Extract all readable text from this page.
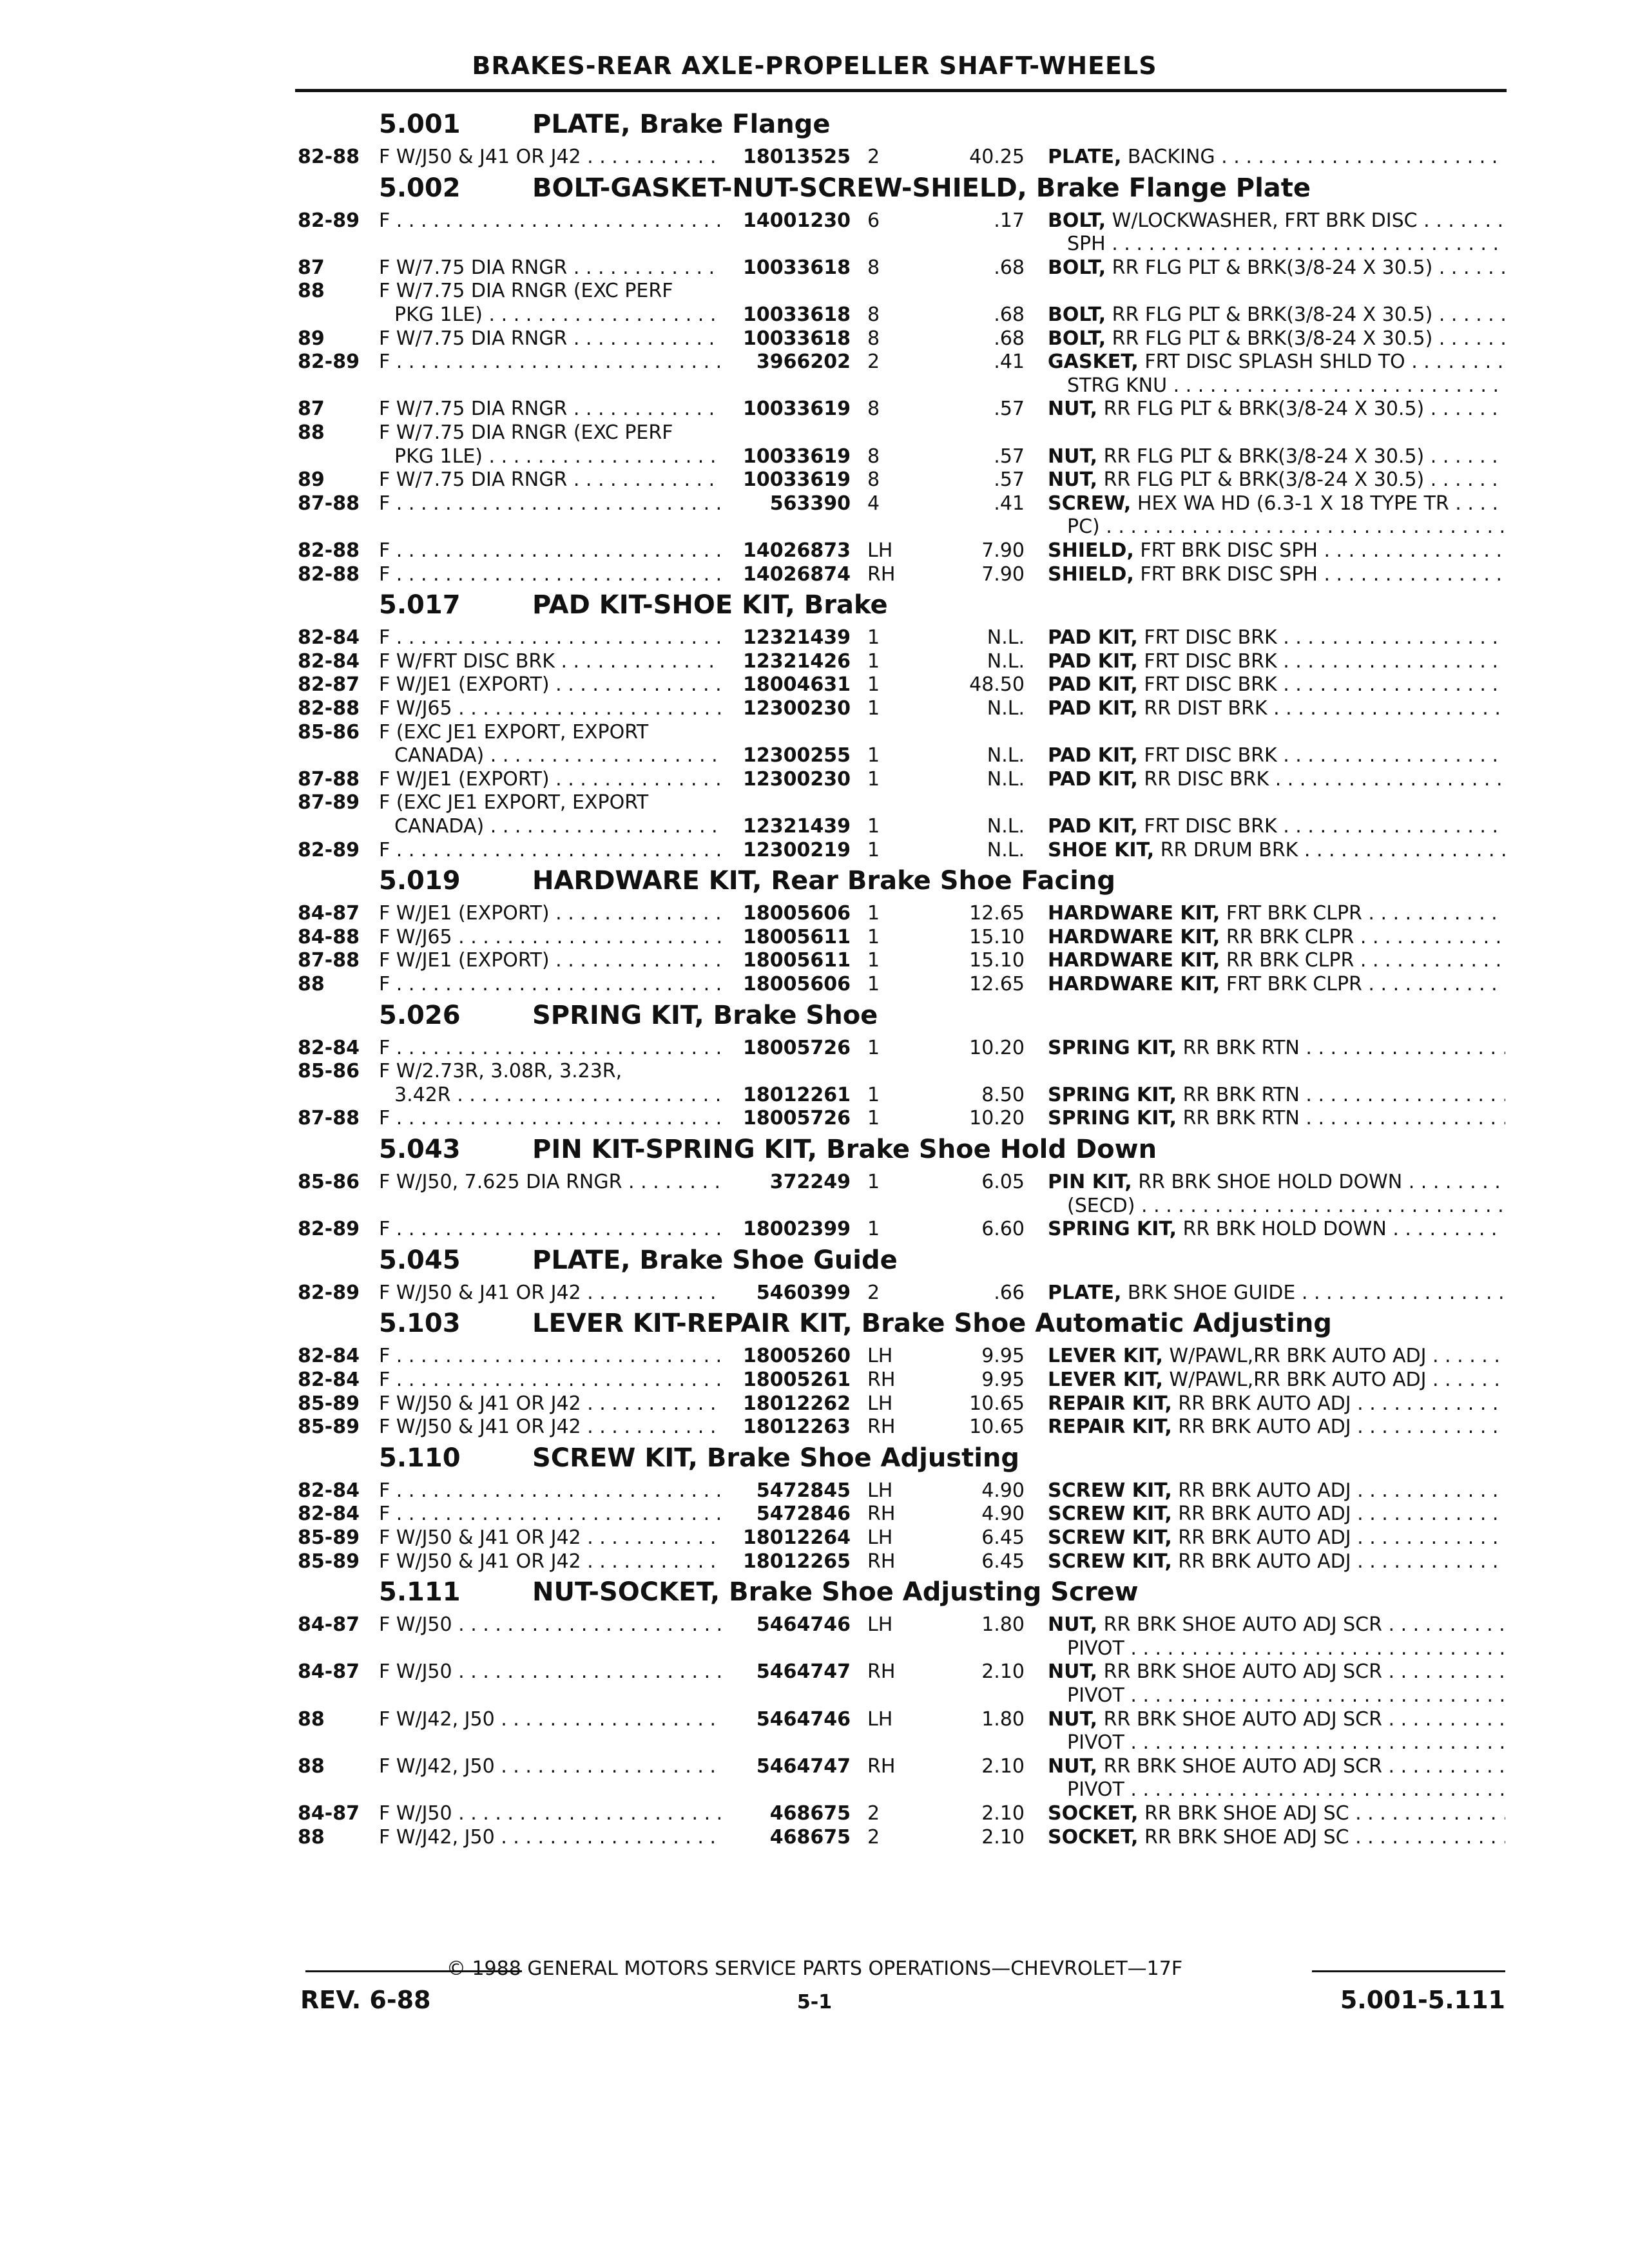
BRAKES-REAR AXLE-PROPELLER SHAFT-WHEELS
5.001	PLATE, Brake Flange
82-88 F W/J50 & J41 OR J42 . . .	18013525 2	40.25 PLATE, BACKING . . .
5.002	BOLT-GASKET-NUT-SCREW-SHIELD, Brake Flange Plate
82-89 F . . .	14001230 6	.17 BOLT, W/LOCKWASHER, FRT BRK DISC . . .
SPH . . .
87	F W/7.75 DIA RNGR . . .	10033618 8	.68 BOLT, RR FLG PLT & BRK(3/8-24 X 30.5) . . .
88	F W/7.75 DIA RNGR (EXC PERF
PKG 1LE) . . .	10033618 8	.68 BOLT, RR FLG PLT & BRK(3/8-24 X 30.5) . . .
89	F W/7.75 DIA RNGR . . .	10033618 8	.68 BOLT, RR FLG PLT & BRK(3/8-24 X 30.5) . . .
82-89 F . . .	3966202 2	.41 GASKET, FRT DISC SPLASH SHLD TO . . .
STRG KNU . . .
87	F W/7.75 DIA RNGR . . .	10033619 8	.57 NUT, RR FLG PLT & BRK(3/8-24 X 30.5) . . .
88	F W/7.75 DIA RNGR (EXC PERF
PKG 1LE) . . .	10033619 8	.57 NUT, RR FLG PLT & BRK(3/8-24 X 30.5) . . .
89	F W/7.75 DIA RNGR . . .	10033619 8	.57 NUT, RR FLG PLT & BRK(3/8-24 X 30.5) . . .
87-88 F . . .	563390 4	.41 SCREW, HEX WA HD (6.3-1 X 18 TYPE TR . . .
PC) . . .
82-88 F . . .	14026873 LH	7.90 SHIELD, FRT BRK DISC SPH . . .
82-88 F . . .	14026874 RH	7.90 SHIELD, FRT BRK DISC SPH . . .
5.017	PAD KIT-SHOE KIT, Brake
82-84 F . . .	12321439 1	N.L. PAD KIT, FRT DISC BRK . . .
82-84 F W/FRT DISC BRK . . .	12321426 1	N.L. PAD KIT, FRT DISC BRK . . .
82-87 F W/JE1 (EXPORT) . . .	18004631 1	48.50 PAD KIT, FRT DISC BRK . . .
82-88 F W/J65 . . .	12300230 1	N.L. PAD KIT, RR DIST BRK . . .
85-86 F (EXC JE1 EXPORT, EXPORT
CANADA) . . .	12300255 1	N.L. PAD KIT, FRT DISC BRK . . .
87-88 F W/JE1 (EXPORT) . . .	12300230 1	N.L. PAD KIT, RR DISC BRK . . .
87-89 F (EXC JE1 EXPORT, EXPORT
CANADA) . . .	12321439 1	N.L. PAD KIT, FRT DISC BRK . . .
82-89 F . . .	12300219 1	N.L. SHOE KIT, RR DRUM BRK . . .
5.019	HARDWARE KIT, Rear Brake Shoe Facing
84-87 F W/JE1 (EXPORT) . . .	18005606 1	12.65 HARDWARE KIT, FRT BRK CLPR . . .
84-88 F W/J65 . . .	18005611 1	15.10 HARDWARE KIT, RR BRK CLPR . . .
87-88 F W/JE1 (EXPORT) . . .	18005611 1	15.10 HARDWARE KIT, RR BRK CLPR . . .
88	F . . .	18005606 1	12.65 HARDWARE KIT, FRT BRK CLPR . . .
5.026	SPRING KIT, Brake Shoe
82-84 F . . .	18005726 1	10.20 SPRING KIT, RR BRK RTN . . .
85-86 F W/2.73R, 3.08R, 3.23R,
3.42R . . .	18012261 1	8.50 SPRING KIT, RR BRK RTN . . .
87-88 F . . .	18005726 1	10.20 SPRING KIT, RR BRK RTN . . .
5.043	PIN KIT-SPRING KIT, Brake Shoe Hold Down
85-86 F W/J50, 7.625 DIA RNGR . . .	372249 1	6.05 PIN KIT, RR BRK SHOE HOLD DOWN . . .
(SECD) . . .
82-89 F . . .	18002399 1	6.60 SPRING KIT, RR BRK HOLD DOWN . . .
5.045	PLATE, Brake Shoe Guide
82-89 F W/J50 & J41 OR J42 . . .	5460399 2	.66 PLATE, BRK SHOE GUIDE . . .
5.103	LEVER KIT-REPAIR KIT, Brake Shoe Automatic Adjusting
82-84 F . . .	18005260 LH	9.95 LEVER KIT, W/PAWL,RR BRK AUTO ADJ . . .
82-84 F . . .	18005261 RH	9.95 LEVER KIT, W/PAWL,RR BRK AUTO ADJ . . .
85-89 F W/J50 & J41 OR J42 . . .	18012262 LH	10.65 REPAIR KIT, RR BRK AUTO ADJ . . .
85-89 F W/J50 & J41 OR J42 . . .	18012263 RH	10.65 REPAIR KIT, RR BRK AUTO ADJ . . .
5.110	SCREW KIT, Brake Shoe Adjusting
82-84 F . . .	5472845 LH	4.90 SCREW KIT, RR BRK AUTO ADJ . . .
82-84 F . . .	5472846 RH	4.90 SCREW KIT, RR BRK AUTO ADJ . . .
85-89 F W/J50 & J41 OR J42 . . .	18012264 LH	6.45 SCREW KIT, RR BRK AUTO ADJ . . .
85-89 F W/J50 & J41 OR J42 . . .	18012265 RH	6.45 SCREW KIT, RR BRK AUTO ADJ . . .
5.111	NUT-SOCKET, Brake Shoe Adjusting Screw
84-87 F W/J50 . . .	5464746 LH	1.80 NUT, RR BRK SHOE AUTO ADJ SCR . . .
PIVOT . . .
84-87 F W/J50 . . .	5464747 RH	2.10 NUT, RR BRK SHOE AUTO ADJ SCR . . .
PIVOT . . .
88	F W/J42, J50 . . .	5464746 LH	1.80 NUT, RR BRK SHOE AUTO ADJ SCR . . .
PIVOT . . .
88	F W/J42, J50 . . .	5464747 RH	2.10 NUT, RR BRK SHOE AUTO ADJ SCR . . .
PIVOT . . .
84-87 F W/J50 . . .	468675 2	2.10 SOCKET, RR BRK SHOE ADJ SC . . .
88	F W/J42, J50 . . .	468675 2	2.10 SOCKET, RR BRK SHOE ADJ SC . . .
© 1988 GENERAL MOTORS SERVICE PARTS OPERATIONS—CHEVROLET—17F
REV. 6-88	5-1	5.001-5.111
